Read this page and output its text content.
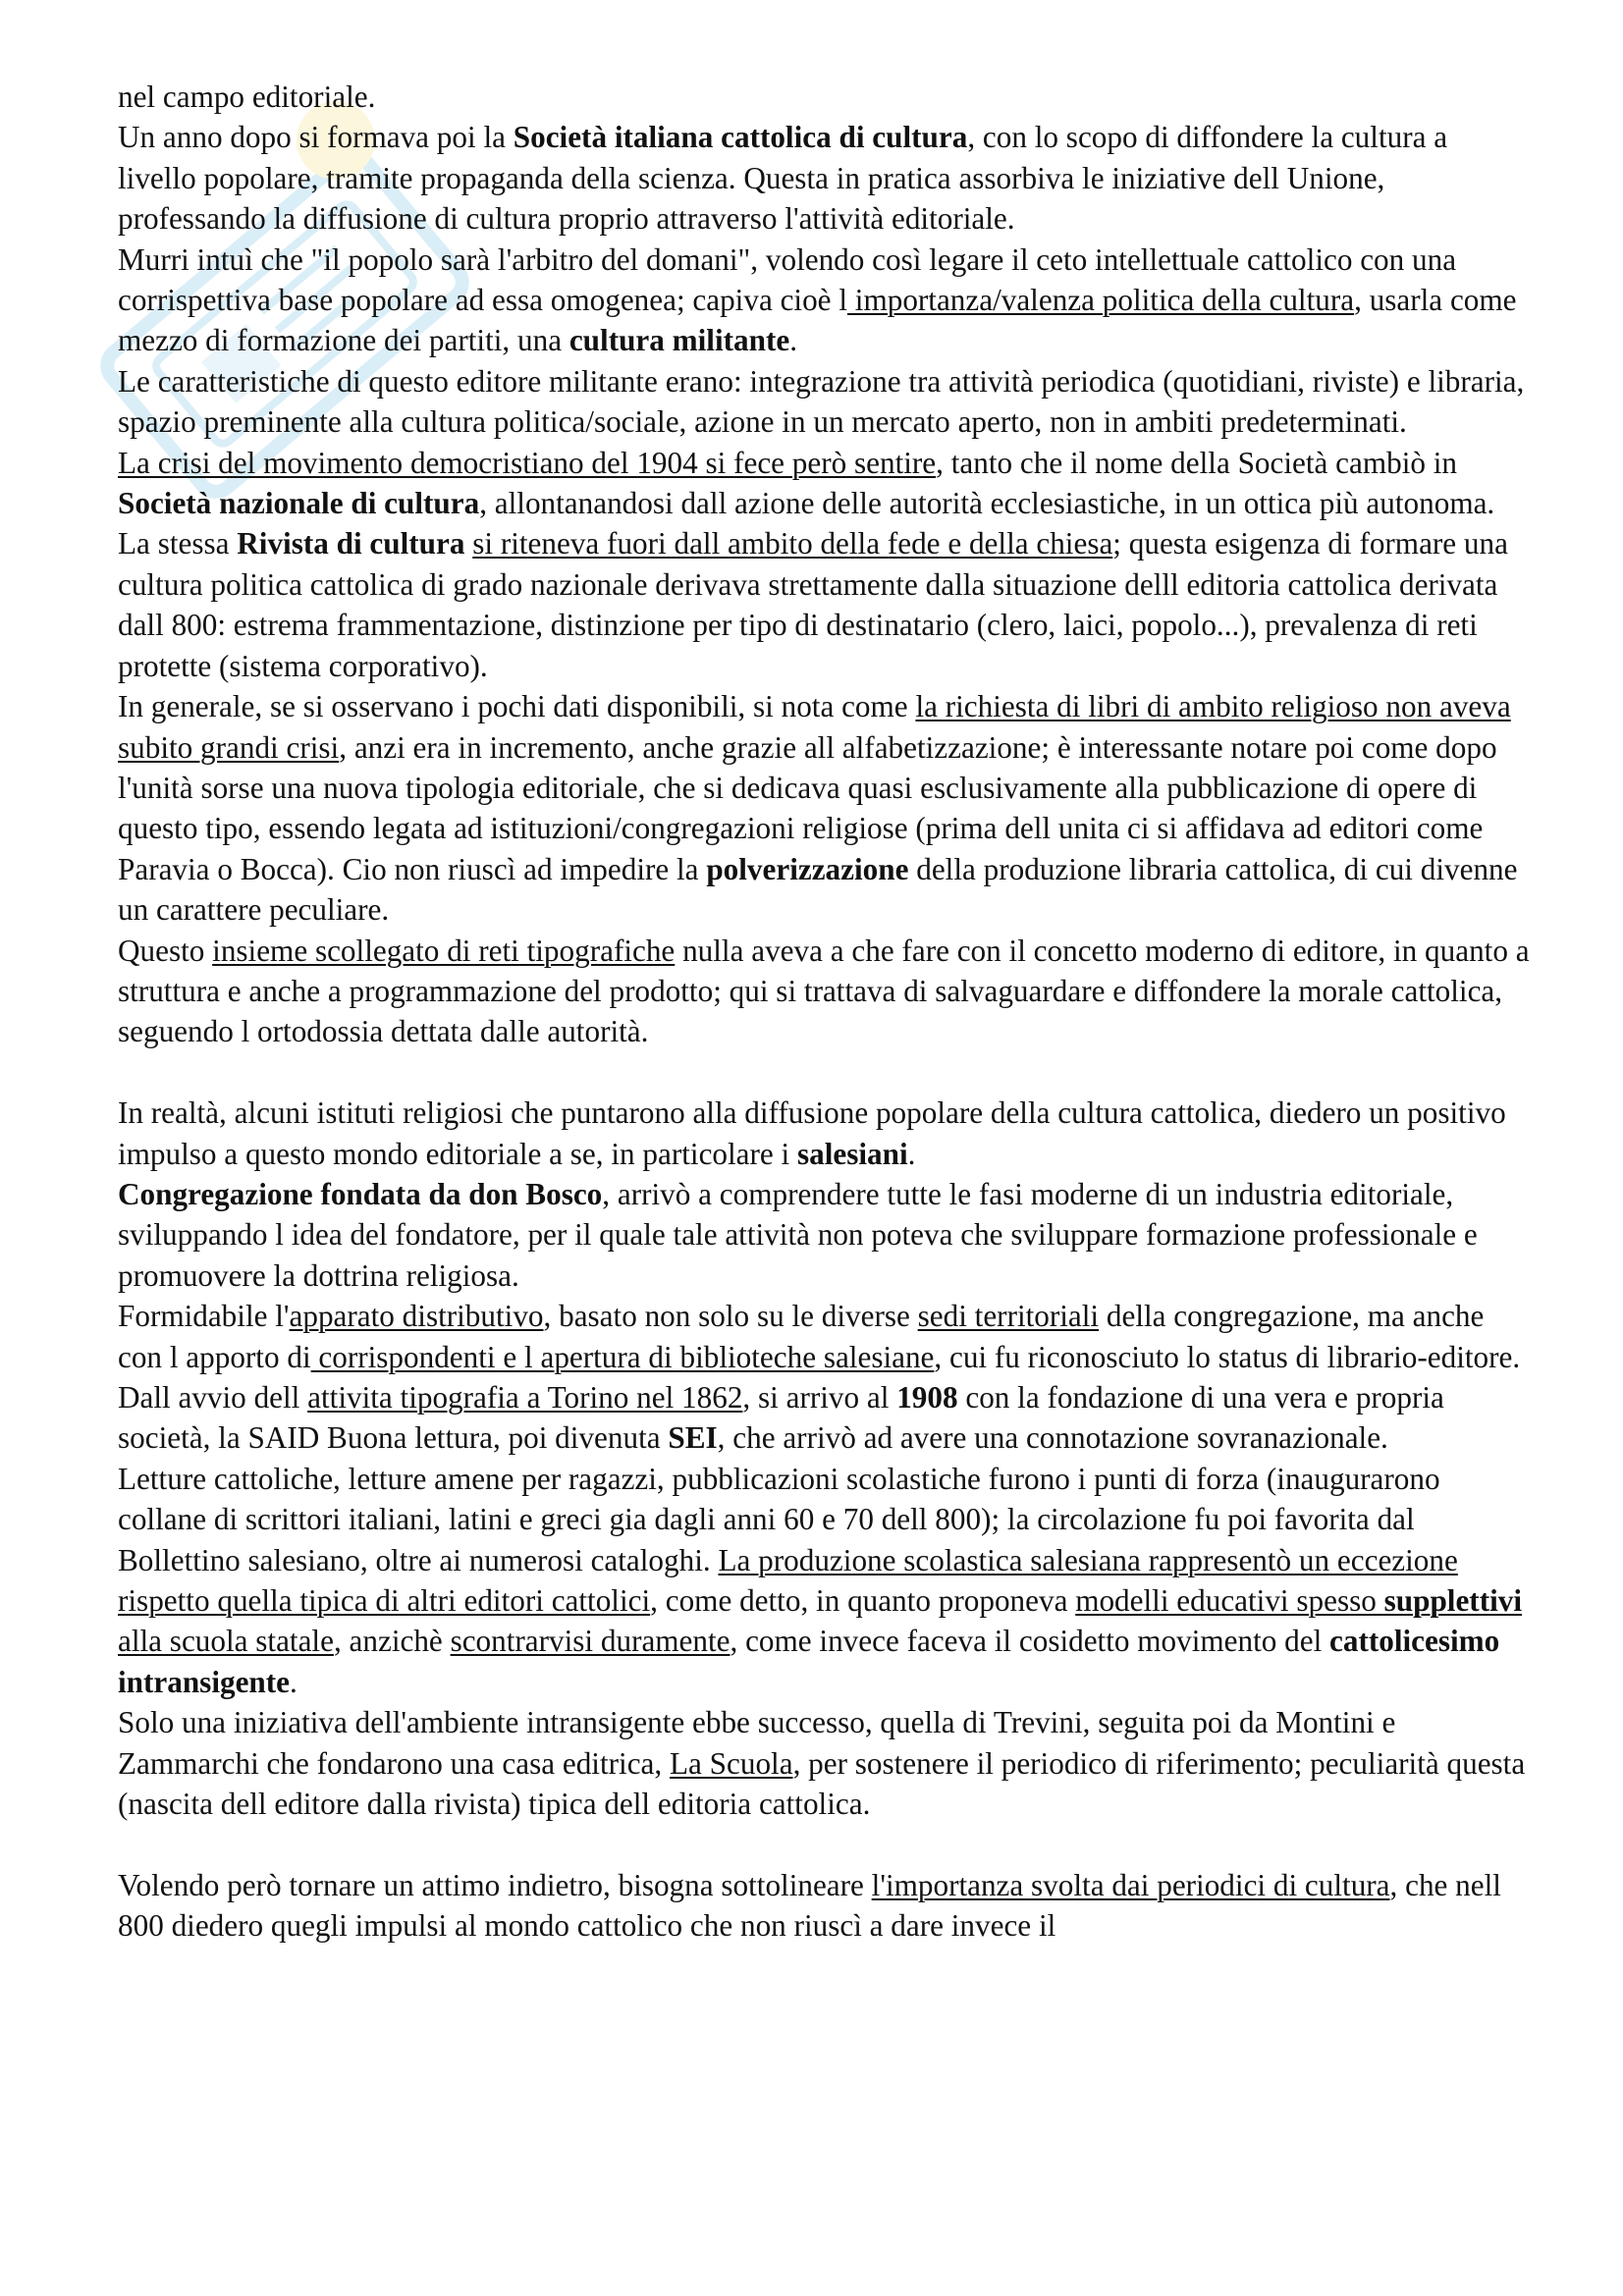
nel campo editoriale.

Un anno dopo si formava poi la Società italiana cattolica di cultura, con lo scopo di diffondere la cultura a livello popolare, tramite propaganda della scienza. Questa in pratica assorbiva le iniziative dell Unione, professando la diffusione di cultura proprio attraverso l'attività editoriale.

Murri intuì che "il popolo sarà l'arbitro del domani", volendo così legare il ceto intellettuale cattolico con una corrispettiva base popolare ad essa omogenea; capiva cioè l importanza/valenza politica della cultura, usarla come mezzo di formazione dei partiti, una cultura militante.

Le caratteristiche di questo editore militante erano: integrazione tra attività periodica (quotidiani, riviste) e libraria, spazio preminente alla cultura politica/sociale, azione in un mercato aperto, non in ambiti predeterminati.

La crisi del movimento democristiano del 1904 si fece però sentire, tanto che il nome della Società cambiò in Società nazionale di cultura, allontanandosi dall azione delle autorità ecclesiastiche, in un ottica più autonoma. La stessa Rivista di cultura si riteneva fuori dall ambito della fede e della chiesa; questa esigenza di formare una cultura politica cattolica di grado nazionale derivava strettamente dalla situazione delll editoria cattolica derivata dall 800: estrema frammentazione, distinzione per tipo di destinatario (clero, laici, popolo...), prevalenza di reti protette (sistema corporativo).

In generale, se si osservano i pochi dati disponibili, si nota come la richiesta di libri di ambito religioso non aveva subito grandi crisi, anzi era in incremento, anche grazie all alfabetizzazione; è interessante notare poi come dopo l'unità sorse una nuova tipologia editoriale, che si dedicava quasi esclusivamente alla pubblicazione di opere di questo tipo, essendo legata ad istituzioni/congregazioni religiose (prima dell unita ci si affidava ad editori come Paravia o Bocca). Cio non riuscì ad impedire la polverizzazione della produzione libraria cattolica, di cui divenne un carattere peculiare.

Questo insieme scollegato di reti tipografiche nulla aveva a che fare con il concetto moderno di editore, in quanto a struttura e anche a programmazione del prodotto; qui si trattava di salvaguardare e diffondere la morale cattolica, seguendo l ortodossia dettata dalle autorità.

In realtà, alcuni istituti religiosi che puntarono alla diffusione popolare della cultura cattolica, diedero un positivo impulso a questo mondo editoriale a se, in particolare i salesiani.

Congregazione fondata da don Bosco, arrivò a comprendere tutte le fasi moderne di un industria editoriale, sviluppando l idea del fondatore, per il quale tale attività non poteva che sviluppare formazione professionale e promuovere la dottrina religiosa.

Formidabile l'apparato distributivo, basato non solo su le diverse sedi territoriali della congregazione, ma anche con l apporto di corrispondenti e l apertura di biblioteche salesiane, cui fu riconosciuto lo status di librario-editore.

Dall avvio dell attivita tipografia a Torino nel 1862, si arrivo al 1908 con la fondazione di una vera e propria società, la SAID Buona lettura, poi divenuta SEI, che arrivò ad avere una connotazione sovranazionale.

Letture cattoliche, letture amene per ragazzi, pubblicazioni scolastiche furono i punti di forza (inaugurarono collane di scrittori italiani, latini e greci gia dagli anni 60 e 70 dell 800); la circolazione fu poi favorita dal Bollettino salesiano, oltre ai numerosi cataloghi. La produzione scolastica salesiana rappresentò un eccezione rispetto quella tipica di altri editori cattolici, come detto, in quanto proponeva modelli educativi spesso supplettivi alla scuola statale, anzichè scontrarvisi duramente, come invece faceva il cosidetto movimento del cattolicesimo intransigente.

Solo una iniziativa dell'ambiente intransigente ebbe successo, quella di Trevini, seguita poi da Montini e Zammarchi che fondarono una casa editrica, La Scuola, per sostenere il periodico di riferimento; peculiarità questa (nascita dell editore dalla rivista) tipica dell editoria cattolica.

Volendo però tornare un attimo indietro, bisogna sottolineare l'importanza svolta dai periodici di cultura, che nell 800 diedero quegli impulsi al mondo cattolico che non riuscì a dare invece il
